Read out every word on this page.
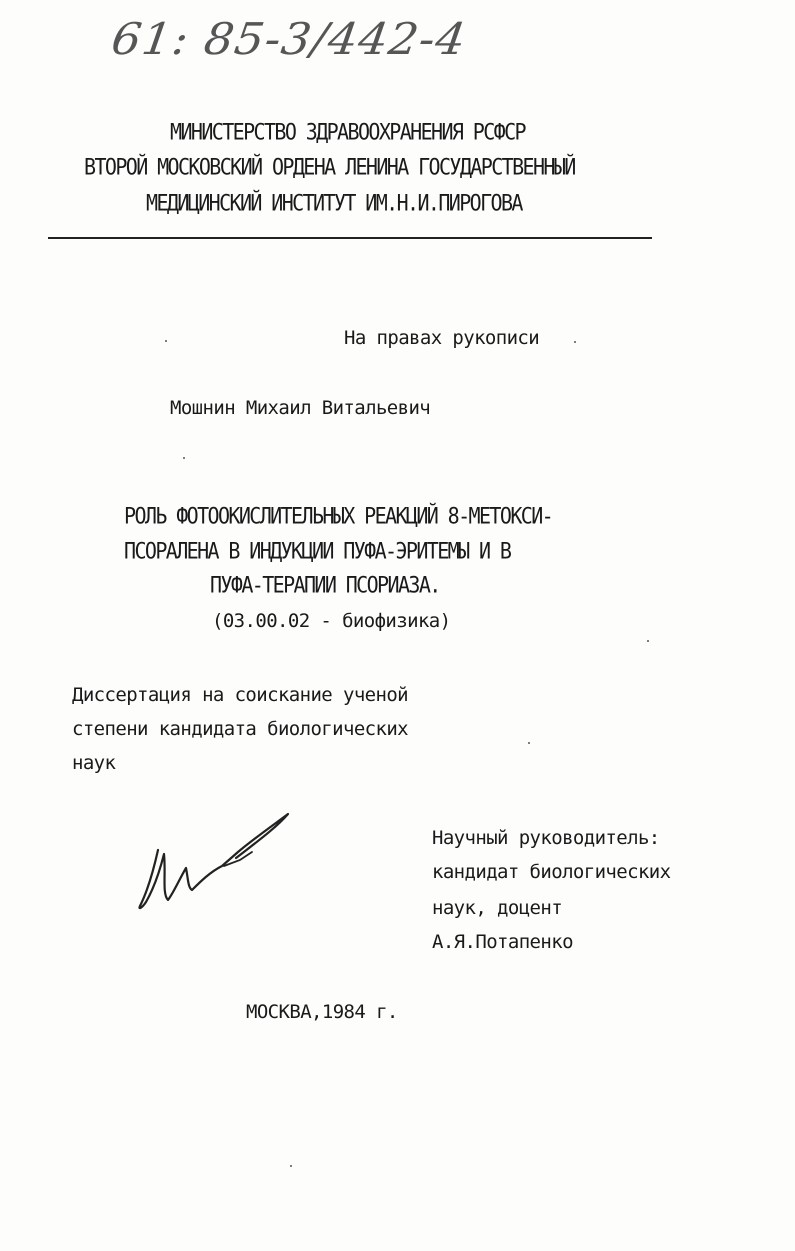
61: 85-3/442-4
МИНИСТЕРСТВО ЗДРАВООХРАНЕНИЯ РСФСР
ВТОРОЙ МОСКОВСКИЙ ОРДЕНА ЛЕНИНА ГОСУДАРСТВЕННЫЙ
МЕДИЦИНСКИЙ ИНСТИТУТ ИМ.Н.И.ПИРОГОВА
На правах рукописи
Мошнин Михаил Витальевич
РОЛЬ ФОТООКИСЛИТЕЛЬНЫХ РЕАКЦИЙ 8-МЕТОКСИ-
ПСОРАЛЕНА В ИНДУКЦИИ ПУФА-ЭРИТЕМЫ И В
ПУФА-ТЕРАПИИ ПСОРИАЗА.
(03.00.02 - биофизика)
Диссертация на соискание ученой
степени кандидата биологических
наук
Научный руководитель:
кандидат биологических
наук, доцент
А.Я.Потапенко
МОСКВА,1984 г.
